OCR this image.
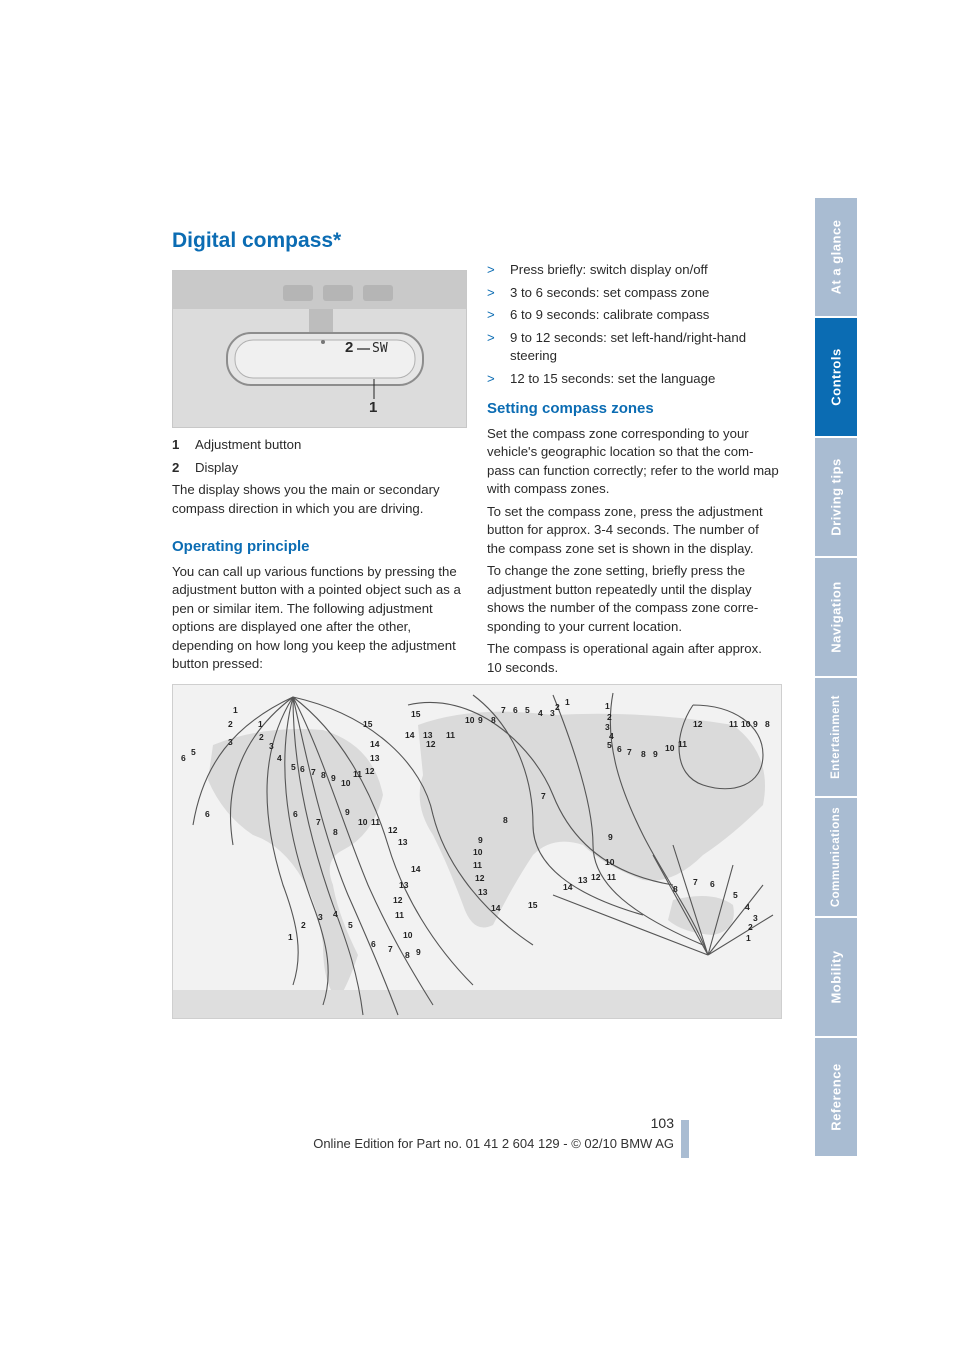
At a glance
Controls
Driving tips
Navigation
Entertainment
Communications
Mobility
Reference
Digital compass*
2 SW
1
1	Adjustment button
2	Display

The display shows you the main or secondary compass direction in which you are driving.

Operating principle

You can call up various functions by pressing the adjustment button with a pointed object such as a pen or similar item. The following adjustment options are displayed one after the other, depending on how long you keep the adjustment button pressed:

>	Press briefly: switch display on/off
>	3 to 6 seconds: set compass zone
>	6 to 9 seconds: calibrate compass
>	9 to 12 seconds: set left-hand/right-hand steering
>	12 to 15 seconds: set the language
Setting compass zones

Set the compass zone corresponding to your vehicle's geographic location so that the com-pass can function correctly; refer to the world map with compass zones.

To set the compass zone, press the adjustment button for approx. 3-4 seconds. The number of the compass zone set is shown in the display.

To change the zone setting, briefly press the adjustment button repeatedly until the display shows the number of the compass zone corre-sponding to your current location.

The compass is operational again after approx. 10 seconds.

1
2	1
2
3	3
4
5 6 7 8 9 10
11 12
6
5
6	6
7
8
9
10 11
12
15
14
13
15
14 13
12
11
10 9 8
7 6 5 4 3
2 1	1
2
3
4
5 6 7 8 9
10 11
12	11 10 9 8
7
8
9	9
10
11
12
13
10
11
12
13
14
13
14
13
12
11
10
9
8
7
6
5
4
3
2
1
14	15
8
7 6
5
4
3
2
1
103
Online Edition for Part no. 01 41 2 604 129 - © 02/10 BMW AG
